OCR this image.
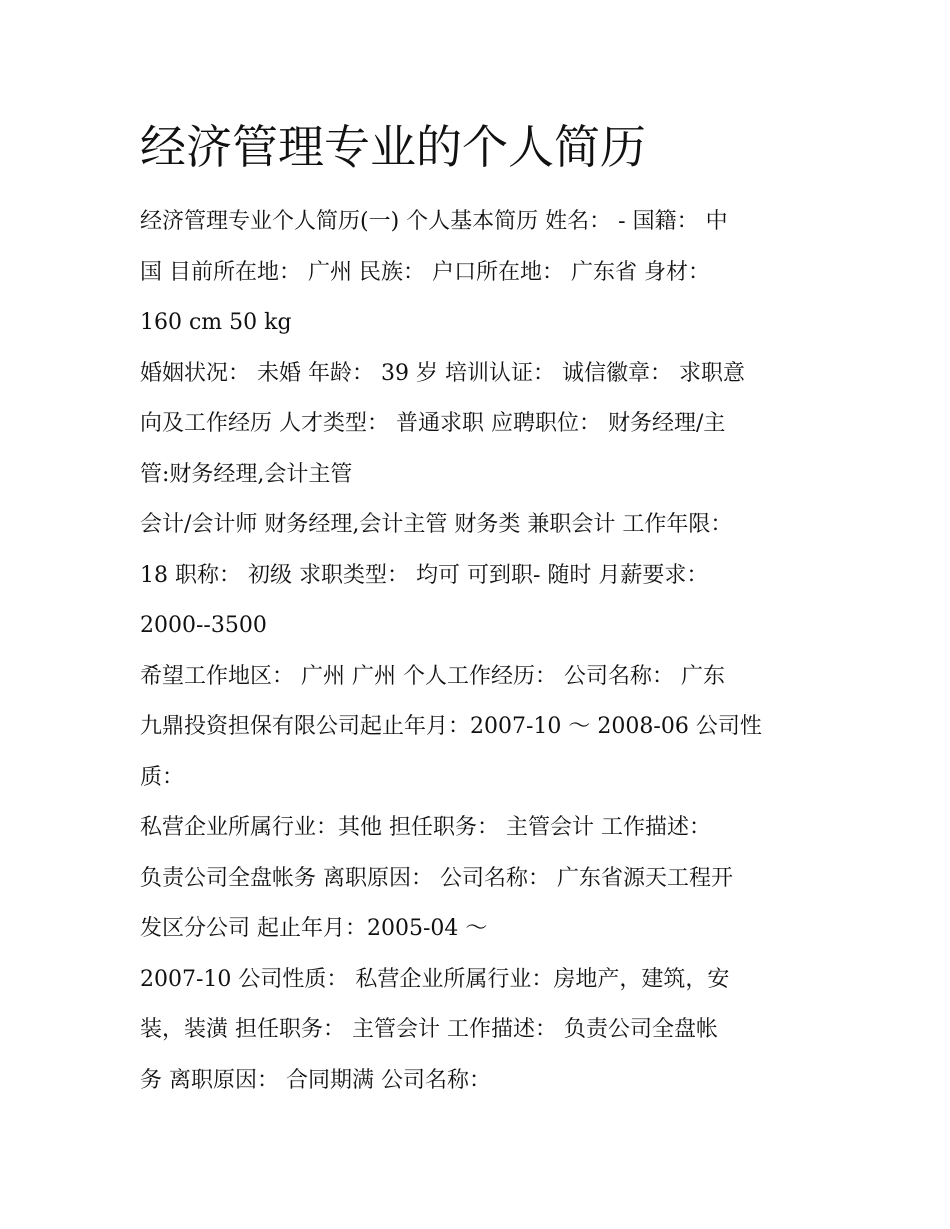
经济管理专业的个人简历

经济管理专业个人简历(一) 个人基本简历 姓名： - 国籍： 中

国 目前所在地： 广州 民族： 户口所在地： 广东省 身材：

160 cm 50 kg

婚姻状况： 未婚 年龄： 39 岁 培训认证： 诚信徽章： 求职意

向及工作经历 人才类型： 普通求职 应聘职位： 财务经理/主

管:财务经理,会计主管

会计/会计师 财务经理,会计主管 财务类 兼职会计 工作年限：

18 职称： 初级 求职类型： 均可 可到职- 随时 月薪要求：

2000--3500

希望工作地区： 广州 广州 个人工作经历： 公司名称： 广东

九鼎投资担保有限公司起止年月：2007-10 ～ 2008-06 公司性

质：

私营企业所属行业：其他 担任职务： 主管会计 工作描述：

负责公司全盘帐务 离职原因： 公司名称： 广东省源天工程开

发区分公司 起止年月：2005-04 ～

2007-10 公司性质： 私营企业所属行业：房地产，建筑，安

装，装潢 担任职务： 主管会计 工作描述： 负责公司全盘帐

务 离职原因： 合同期满 公司名称：
